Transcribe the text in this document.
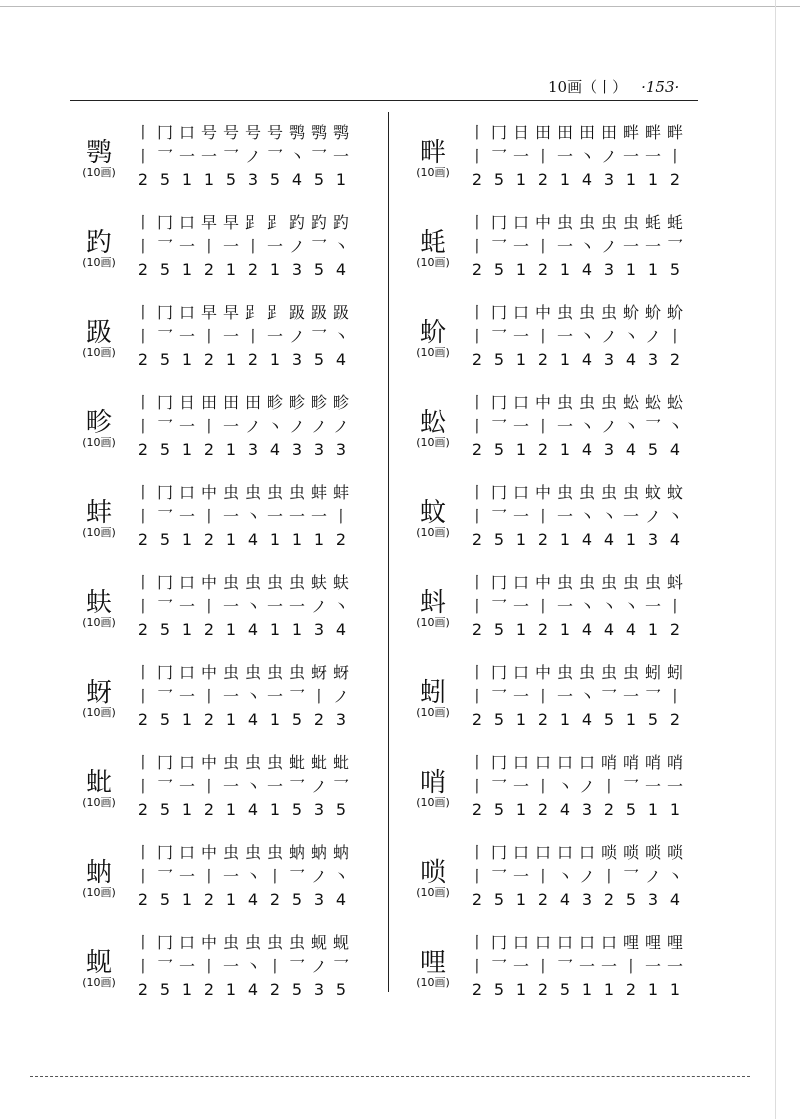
10画（丨） ·153·
鹗
(10画)
丨 冂 口 号 号 号 号 鹗 鹗 鹗
丨 乛 一 一 乛 ノ 乛 丶 乛 一
2 5 1 1 5 3 5 4 5 1
趵
(10画)
丨 冂 口 早 早 𧾷 𧾷 趵 趵 趵
丨 乛 一 丨 一 丨 一 ノ 乛 丶
2 5 1 2 1 2 1 3 5 4
趿
(10画)
丨 冂 口 早 早 𧾷 𧾷 趿 趿 趿
丨 乛 一 丨 一 丨 一 ノ 乛 丶
2 5 1 2 1 2 1 3 5 4
畛
(10画)
丨 冂 日 田 田 田 畛 畛 畛 畛
丨 乛 一 丨 一 ノ 丶 ノ ノ ノ
2 5 1 2 1 3 4 3 3 3
蚌
(10画)
丨 冂 口 中 虫 虫 虫 虫 蚌 蚌
丨 乛 一 丨 一 丶 一 一 一 丨
2 5 1 2 1 4 1 1 1 2
蚨
(10画)
丨 冂 口 中 虫 虫 虫 虫 蚨 蚨
丨 乛 一 丨 一 丶 一 一 ノ 丶
2 5 1 2 1 4 1 1 3 4
蚜
(10画)
丨 冂 口 中 虫 虫 虫 虫 蚜 蚜
丨 乛 一 丨 一 丶 一 乛 丨 ノ
2 5 1 2 1 4 1 5 2 3
蚍
(10画)
丨 冂 口 中 虫 虫 虫 蚍 蚍 蚍
丨 乛 一 丨 一 丶 一 乛 ノ 乛
2 5 1 2 1 4 1 5 3 5
蚋
(10画)
丨 冂 口 中 虫 虫 虫 蚋 蚋 蚋
丨 乛 一 丨 一 丶 丨 乛 ノ 丶
2 5 1 2 1 4 2 5 3 4
蚬
(10画)
丨 冂 口 中 虫 虫 虫 虫 蚬 蚬
丨 乛 一 丨 一 丶 丨 乛 ノ 乛
2 5 1 2 1 4 2 5 3 5
畔
(10画)
丨 冂 日 田 田 田 田 畔 畔 畔
丨 乛 一 丨 一 丶 ノ 一 一 丨
2 5 1 2 1 4 3 1 1 2
蚝
(10画)
丨 冂 口 中 虫 虫 虫 虫 蚝 蚝
丨 乛 一 丨 一 丶 ノ 一 一 乛
2 5 1 2 1 4 3 1 1 5
蚧
(10画)
丨 冂 口 中 虫 虫 虫 蚧 蚧 蚧
丨 乛 一 丨 一 丶 ノ 丶 ノ 丨
2 5 1 2 1 4 3 4 3 2
蚣
(10画)
丨 冂 口 中 虫 虫 虫 蚣 蚣 蚣
丨 乛 一 丨 一 丶 ノ 丶 乛 丶
2 5 1 2 1 4 3 4 5 4
蚊
(10画)
丨 冂 口 中 虫 虫 虫 虫 蚊 蚊
丨 乛 一 丨 一 丶 丶 一 ノ 丶
2 5 1 2 1 4 4 1 3 4
蚪
(10画)
丨 冂 口 中 虫 虫 虫 虫 虫 蚪
丨 乛 一 丨 一 丶 丶 丶 一 丨
2 5 1 2 1 4 4 4 1 2
蚓
(10画)
丨 冂 口 中 虫 虫 虫 虫 蚓 蚓
丨 乛 一 丨 一 丶 乛 一 乛 丨
2 5 1 2 1 4 5 1 5 2
哨
(10画)
丨 冂 口 口 口 口 哨 哨 哨 哨
丨 乛 一 丨 丶 ノ 丨 乛 一 一
2 5 1 2 4 3 2 5 1 1
唢
(10画)
丨 冂 口 口 口 口 唢 唢 唢 唢
丨 乛 一 丨 丶 ノ 丨 乛 ノ 丶
2 5 1 2 4 3 2 5 3 4
哩
(10画)
丨 冂 口 口 口 口 口 哩 哩 哩
丨 乛 一 丨 乛 一 一 丨 一 一
2 5 1 2 5 1 1 2 1 1
